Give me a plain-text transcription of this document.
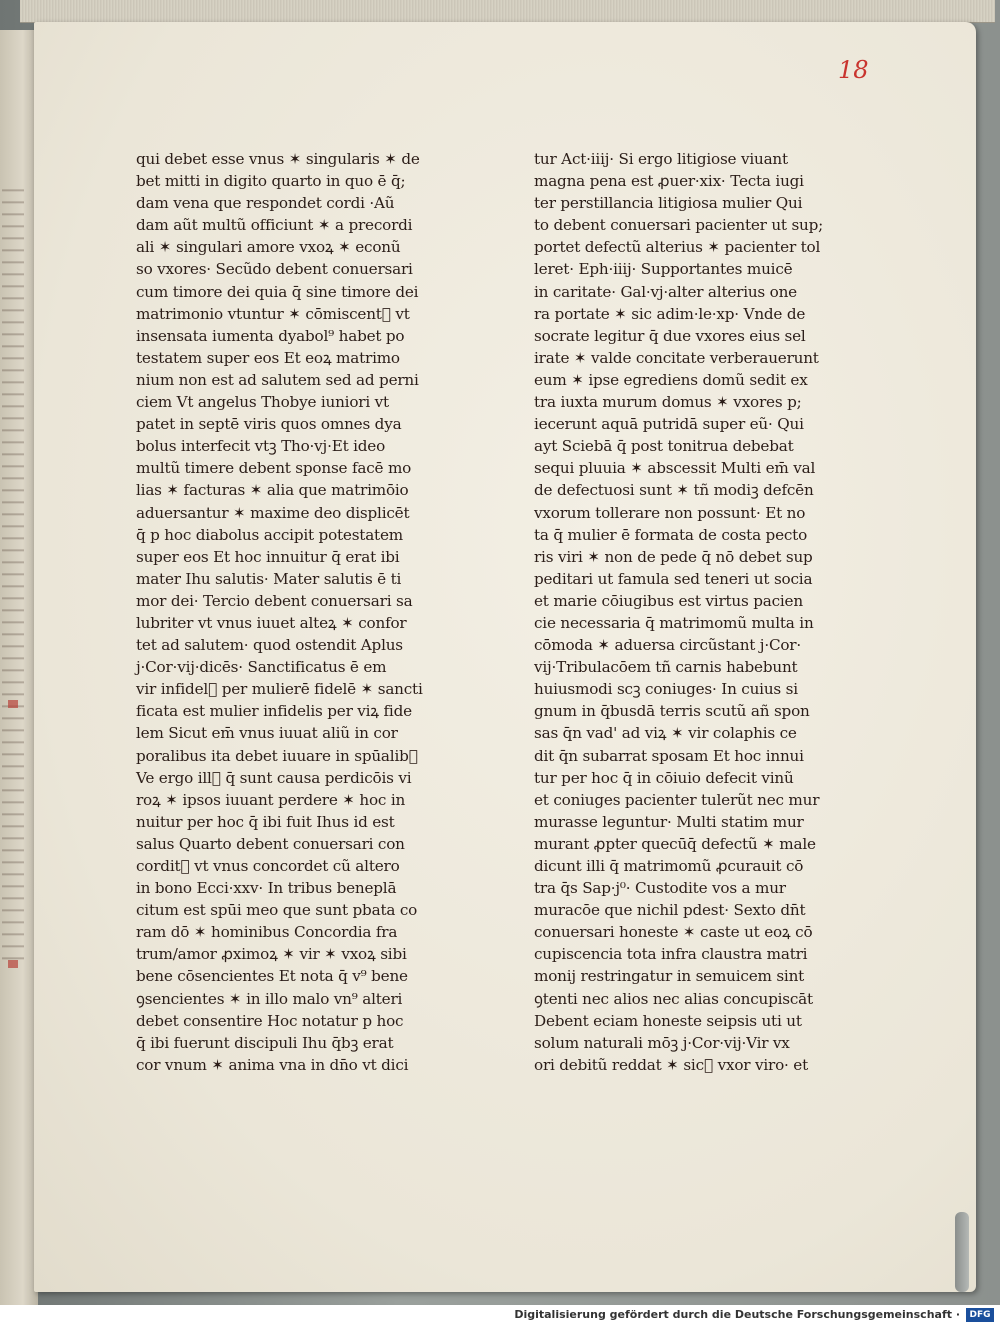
18
qui debet esse vnus ✶ singularis ✶ de
bet mitti in digito quarto in quo ē q̄;
dam vena que respondet cordi ·Aũ
dam aũt multũ officiunt ✶ a precordi
ali ✶ singulari amore vxoꝝ ✶ econũ
so vxores· Secũdo debent conuersari
cum timore dei quia q̄ sine timore dei
matrimonio vtuntur ✶ cōmiscent᷑ vt
insensata iumenta dyabol⁹ habet po
testatem super eos Et eoꝝ matrimo
nium non est ad salutem sed ad perni
ciem Vt angelus Thobye iuniori vt
patet in septē viris quos omnes dya
bolus interfecit vtꝫ Tho·vj·Et ideo
multũ timere debent sponse facē mo
lias ✶ facturas ✶ alia que matrimōio
aduersantur ✶ maxime deo displicēt
q̄ p hoc diabolus accipit potestatem
super eos Et hoc innuitur q̄ erat ibi
mater Ihu salutis· Mater salutis ē ti
mor dei· Tercio debent conuersari sa
lubriter vt vnus iuuet alteꝝ ✶ confor
tet ad salutem· quod ostendit Aplus
j·Cor·vij·dicēs· Sanctificatus ē em
vir infidel᷑ per mulierē fidelē ✶ sancti
ficata est mulier infidelis per viꝝ fide
lem Sicut em̄ vnus iuuat aliũ in cor
poralibus ita debet iuuare in spūalib᷑
Ve ergo ill᷑ q̄ sunt causa perdicōis vi
roꝝ ✶ ipsos iuuant perdere ✶ hoc in
nuitur per hoc q̄ ibi fuit Ihus id est
salus Quarto debent conuersari con
cordit᷑ vt vnus concordet cũ altero
in bono Ecci·xxv· In tribus beneplā
citum est spūi meo que sunt pbata co
ram dō ✶ hominibus Concordia fra
trum/amor ꝓximoꝝ ✶ vir ✶ vxoꝝ sibi
bene cōsencientes Et nota q̄ v⁹ bene
ꝯsencientes ✶ in illo malo vn⁹ alteri
debet consentire Hoc notatur p hoc
q̄ ibi fuerunt discipuli Ihu q̄bꝫ erat
cor vnum ✶ anima vna in dn̄o vt dici
tur Act·iiij· Si ergo litigiose viuant
magna pena est ꝓuer·xix· Tecta iugi
ter perstillancia litigiosa mulier Qui
to debent conuersari pacienter ut sup;
portet defectũ alterius ✶ pacienter tol
leret· Eph·iiij· Supportantes muicē
in caritate· Gal·vj·alter alterius one
ra portate ✶ sic adim·le·xp· Vnde de
socrate legitur q̄ due vxores eius sel
irate ✶ valde concitate verberauerunt
eum ✶ ipse egrediens domũ sedit ex
tra iuxta murum domus ✶ vxores p;
iecerunt aquā putridā super eũ· Qui
ayt Sciebā q̄ post tonitrua debebat
sequi pluuia ✶ abscessit Multi em̄ val
de defectuosi sunt ✶ tñ modiꝫ defcēn
vxorum tollerare non possunt· Et no
ta q̄ mulier ē formata de costa pecto
ris viri ✶ non de pede q̄ nō debet sup
peditari ut famula sed teneri ut socia
et marie cōiugibus est virtus pacien
cie necessaria q̄ matrimomũ multa in
cōmoda ✶ aduersa circũstant j·Cor·
vij·Tribulacōem tñ carnis habebunt
huiusmodi scꝫ coniuges· In cuius si
gnum in q̄busdā terris scutũ añ spon
sas q̄n vad' ad viꝝ ✶ vir colaphis ce
dit q̄n subarrat sposam Et hoc innui
tur per hoc q̄ in cōiuio defecit vinũ
et coniuges pacienter tulerũt nec mur
murasse leguntur· Multi statim mur
murant ꝓpter quecūq̄ defectũ ✶ male
dicunt illi q̄ matrimomũ ꝓcurauit cō
tra q̄s Sap·j⁰· Custodite vos a mur
muracōe que nichil pdest· Sexto dn̄t
conuersari honeste ✶ caste ut eoꝝ cō
cupiscencia tota infra claustra matri
monij restringatur in semuicem sint
ꝯtenti nec alios nec alias concupiscāt
Debent eciam honeste seipsis uti ut
solum naturali mōꝫ j·Cor·vij·Vir vx
ori debitũ reddat ✶ sic᷑ vxor viro· et
Digitalisierung gefördert durch die Deutsche Forschungsgemeinschaft ·	DFG
